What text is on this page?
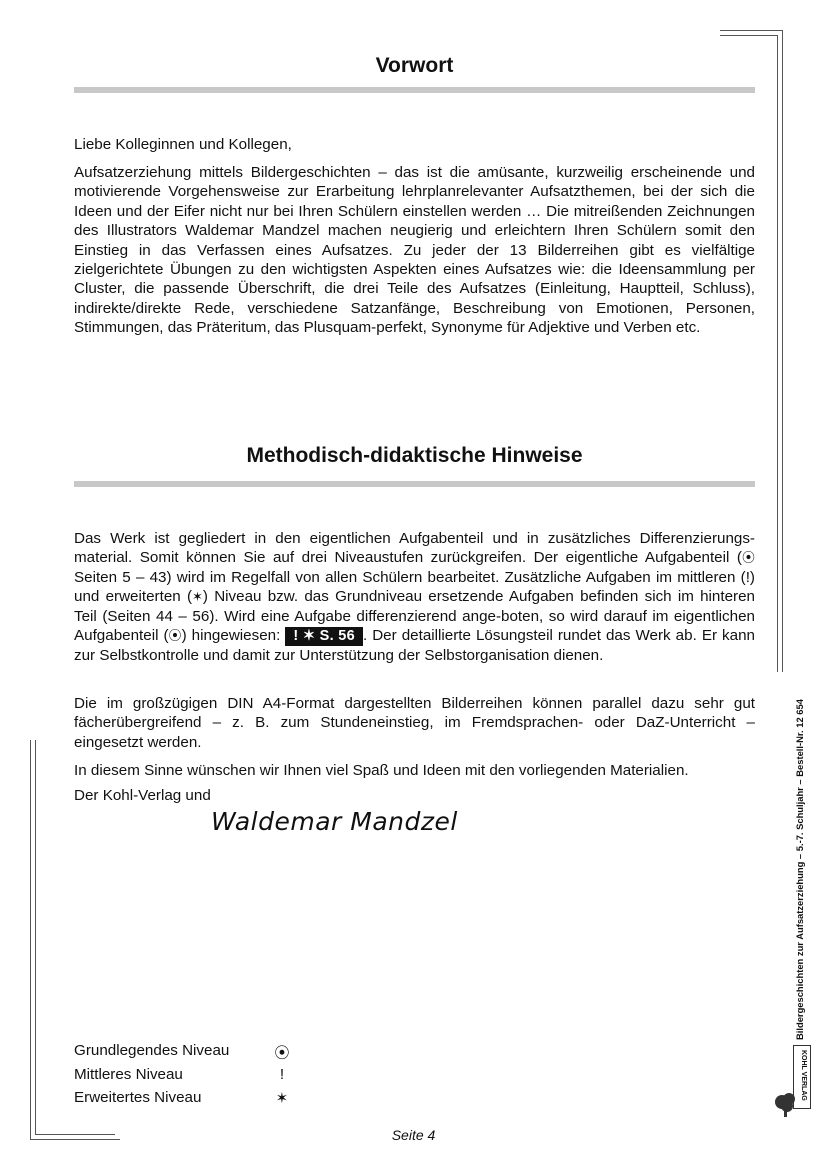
Vorwort

Liebe Kolleginnen und Kollegen,

Aufsatzerziehung mittels Bildergeschichten – das ist die amüsante, kurzweilig erscheinende und motivierende Vorgehensweise zur Erarbeitung lehrplanrelevanter Aufsatzthemen, bei der sich die Ideen und der Eifer nicht nur bei Ihren Schülern einstellen werden … Die mitreißenden Zeichnungen des Illustrators Waldemar Mandzel machen neugierig und erleichtern Ihren Schülern somit den Einstieg in das Verfassen eines Aufsatzes. Zu jeder der 13 Bilderreihen gibt es vielfältige zielgerichtete Übungen zu den wichtigsten Aspekten eines Aufsatzes wie: die Ideensammlung per Cluster, die passende Überschrift, die drei Teile des Aufsatzes (Einleitung, Hauptteil, Schluss), indirekte/direkte Rede, verschiedene Satzanfänge, Beschreibung von Emotionen, Personen, Stimmungen, das Präteritum, das Plusquam-perfekt, Synonyme für Adjektive und Verben etc.

Methodisch-didaktische Hinweise

Das Werk ist gegliedert in den eigentlichen Aufgabenteil und in zusätzliches Differenzierungs-material. Somit können Sie auf drei Niveaustufen zurückgreifen. Der eigentliche Aufgabenteil (⦿ Seiten 5 – 43) wird im Regelfall von allen Schülern bearbeitet. Zusätzliche Aufgaben im mittleren (!) und erweiterten (✶) Niveau bzw. das Grundniveau ersetzende Aufgaben befinden sich im hinteren Teil (Seiten 44 – 56). Wird eine Aufgabe differenzierend ange-boten, so wird darauf im eigentlichen Aufgabenteil (⦿) hingewiesen: ! ✶ S. 56 . Der detaillierte Lösungsteil rundet das Werk ab. Er kann zur Selbstkontrolle und damit zur Unterstützung der Selbstorganisation dienen.

Die im großzügigen DIN A4-Format dargestellten Bilderreihen können parallel dazu sehr gut fächerübergreifend – z. B. zum Stundeneinstieg, im Fremdsprachen- oder DaZ-Unterricht – eingesetzt werden.

In diesem Sinne wünschen wir Ihnen viel Spaß und Ideen mit den vorliegenden Materialien.

Der Kohl-Verlag und

Waldemar Mandzel

Grundlegendes Niveau	⦿
Mittleres Niveau	!
Erweitertes Niveau	✶
Bildergeschichten zur Aufsatzerziehung – 5.-7. Schuljahr – Bestell-Nr. 12 654
KOHL VERLAG

Seite 4
